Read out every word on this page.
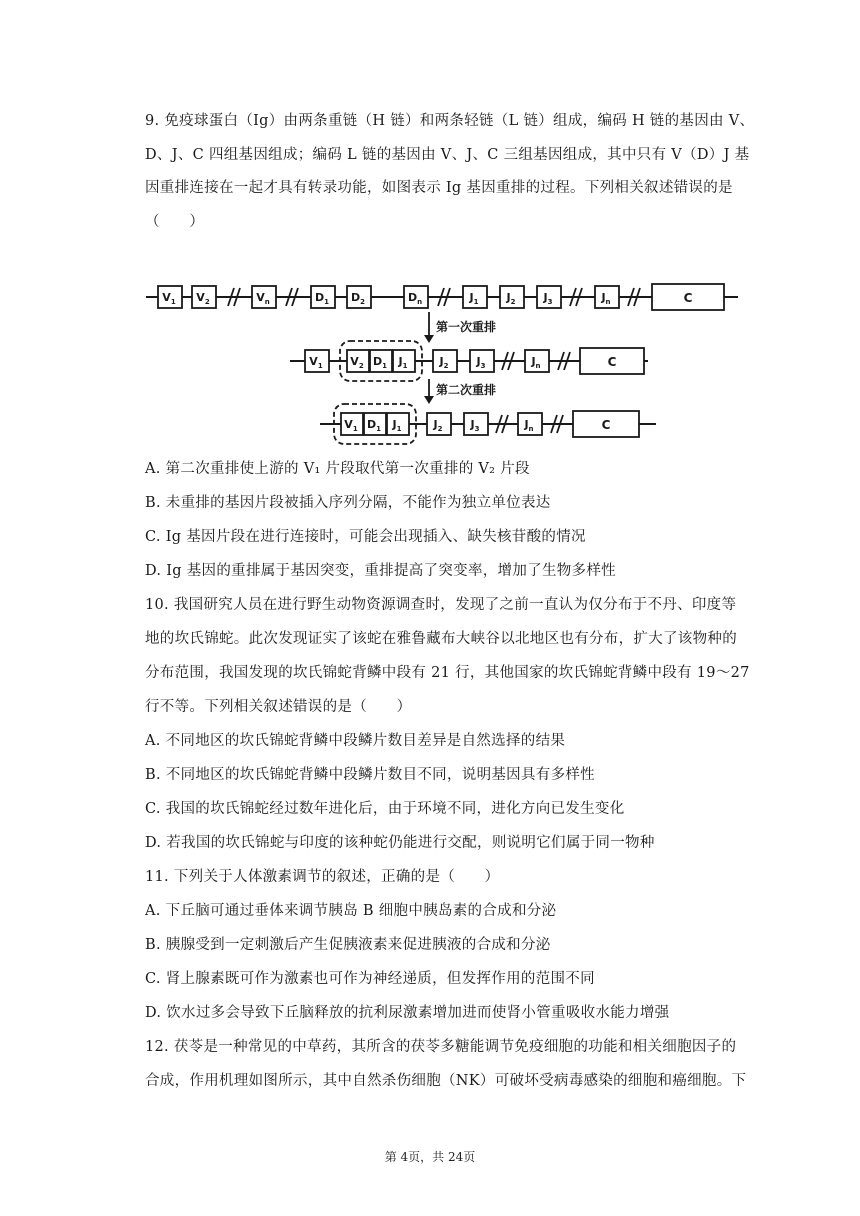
9. 免疫球蛋白（Ig）由两条重链（H 链）和两条轻链（L 链）组成，编码 H 链的基因由 V、

D、J、C 四组基因组成；编码 L 链的基因由 V、J、C 三组基因组成，其中只有 V（D）J 基

因重排连接在一起才具有转录功能，如图表示 Ig 基因重排的过程。下列相关叙述错误的是

（　　）

$V_1$ $V_2$	$V_n$	$D_1$ $D_2$	$D_n$	$J_1$	$J_2$	$J_3$	$J_n$	C
第一次重排
$V_1$	$V_2$ $D_1$ $J_1$	$J_2$	$J_3$	$J_n$	C
第二次重排
$V_1$ $D_1$ $J_1$	$J_2$	$J_3$	$J_n$	C
A. 第二次重排使上游的 V₁ 片段取代第一次重排的 V₂ 片段
B. 未重排的基因片段被插入序列分隔，不能作为独立单位表达
C. Ig 基因片段在进行连接时，可能会出现插入、缺失核苷酸的情况
D. Ig 基因的重排属于基因突变，重排提高了突变率，增加了生物多样性

10. 我国研究人员在进行野生动物资源调查时，发现了之前一直认为仅分布于不丹、印度等

地的坎氏锦蛇。此次发现证实了该蛇在雅鲁藏布大峡谷以北地区也有分布，扩大了该物种的

分布范围，我国发现的坎氏锦蛇背鳞中段有 21 行，其他国家的坎氏锦蛇背鳞中段有 19～27

行不等。下列相关叙述错误的是（　　）

A. 不同地区的坎氏锦蛇背鳞中段鳞片数目差异是自然选择的结果
B. 不同地区的坎氏锦蛇背鳞中段鳞片数目不同，说明基因具有多样性
C. 我国的坎氏锦蛇经过数年进化后，由于环境不同，进化方向已发生变化
D. 若我国的坎氏锦蛇与印度的该种蛇仍能进行交配，则说明它们属于同一物种

11. 下列关于人体激素调节的叙述，正确的是（　　）

A. 下丘脑可通过垂体来调节胰岛 B 细胞中胰岛素的合成和分泌
B. 胰腺受到一定刺激后产生促胰液素来促进胰液的合成和分泌
C. 肾上腺素既可作为激素也可作为神经递质，但发挥作用的范围不同
D. 饮水过多会导致下丘脑释放的抗利尿激素增加进而使肾小管重吸收水能力增强

12. 茯苓是一种常见的中草药，其所含的茯苓多糖能调节免疫细胞的功能和相关细胞因子的

合成，作用机理如图所示，其中自然杀伤细胞（NK）可破坏受病毒感染的细胞和癌细胞。下

第 4页，共 24页
